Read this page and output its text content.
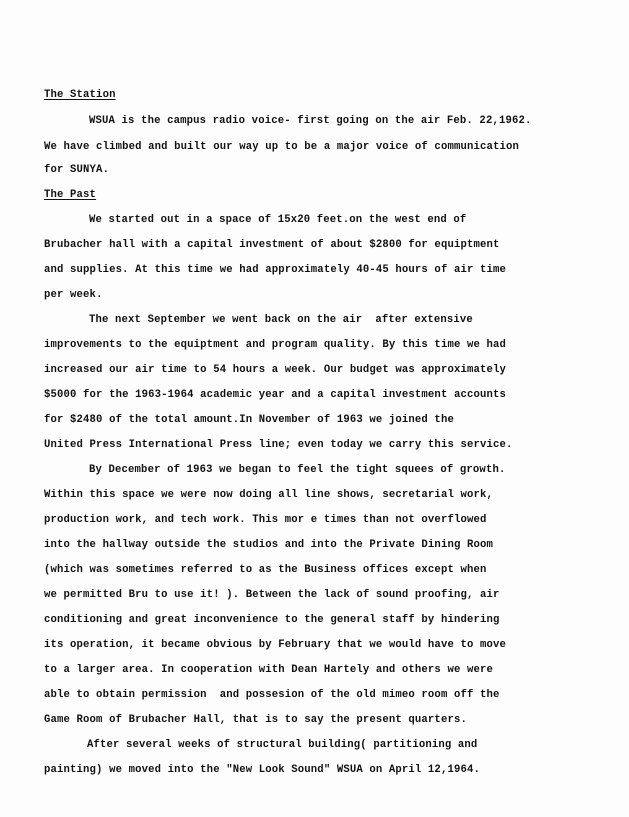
The Station
WSUA is the campus radio voice- first going on the air Feb. 22,1962.
We have climbed and built our way up to be a major voice of communication
for SUNYA.
The Past
We started out in a space of 15x20 feet.on the west end of
Brubacher hall with a capital investment of about $2800 for equiptment
and supplies. At this time we had approximately 40-45 hours of air time
per week.
The next September we went back on the air  after extensive
improvements to the equiptment and program quality. By this time we had
increased our air time to 54 hours a week. Our budget was approximately
$5000 for the 1963-1964 academic year and a capital investment accounts
for $2480 of the total amount.In November of 1963 we joined the
United Press International Press line; even today we carry this service.
By December of 1963 we began to feel the tight squees of growth.
Within this space we were now doing all line shows, secretarial work,
production work, and tech work. This mor e times than not overflowed
into the hallway outside the studios and into the Private Dining Room
(which was sometimes referred to as the Business offices except when
we permitted Bru to use it! ). Between the lack of sound proofing, air
conditioning and great inconvenience to the general staff by hindering
its operation, it became obvious by February that we would have to move
to a larger area. In cooperation with Dean Hartely and others we were
able to obtain permission  and possesion of the old mimeo room off the
Game Room of Brubacher Hall, that is to say the present quarters.
After several weeks of structural building( partitioning and
painting) we moved into the "New Look Sound" WSUA on April 12,1964.
